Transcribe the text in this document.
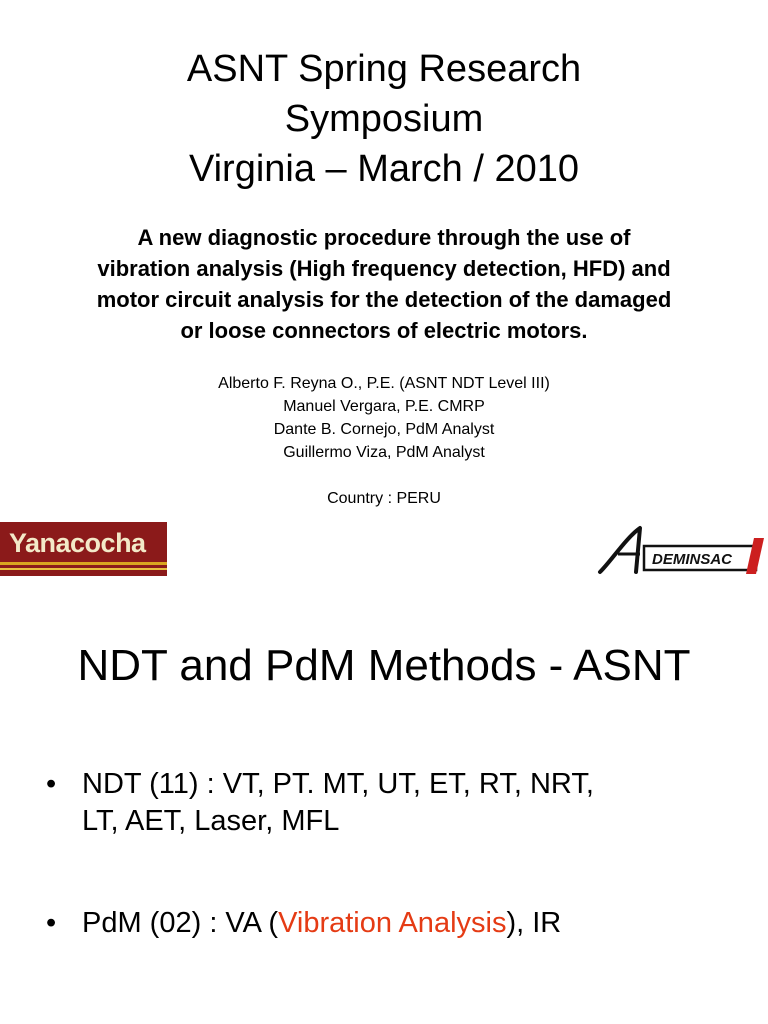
ASNT Spring Research
Symposium
Virginia – March / 2010
A new diagnostic procedure through the use of
vibration analysis (High frequency detection, HFD) and
motor circuit analysis for the detection of the damaged
or loose connectors of electric motors.
Alberto F. Reyna O., P.E. (ASNT NDT Level III)
Manuel Vergara, P.E. CMRP
Dante B. Cornejo, PdM Analyst
Guillermo Viza, PdM Analyst
Country : PERU
Yanacocha
DEMINSAC
NDT and PdM Methods - ASNT
• NDT (11) : VT, PT. MT, UT, ET, RT, NRT,
LT, AET, Laser, MFL
• PdM (02) : VA (Vibration Analysis), IR
